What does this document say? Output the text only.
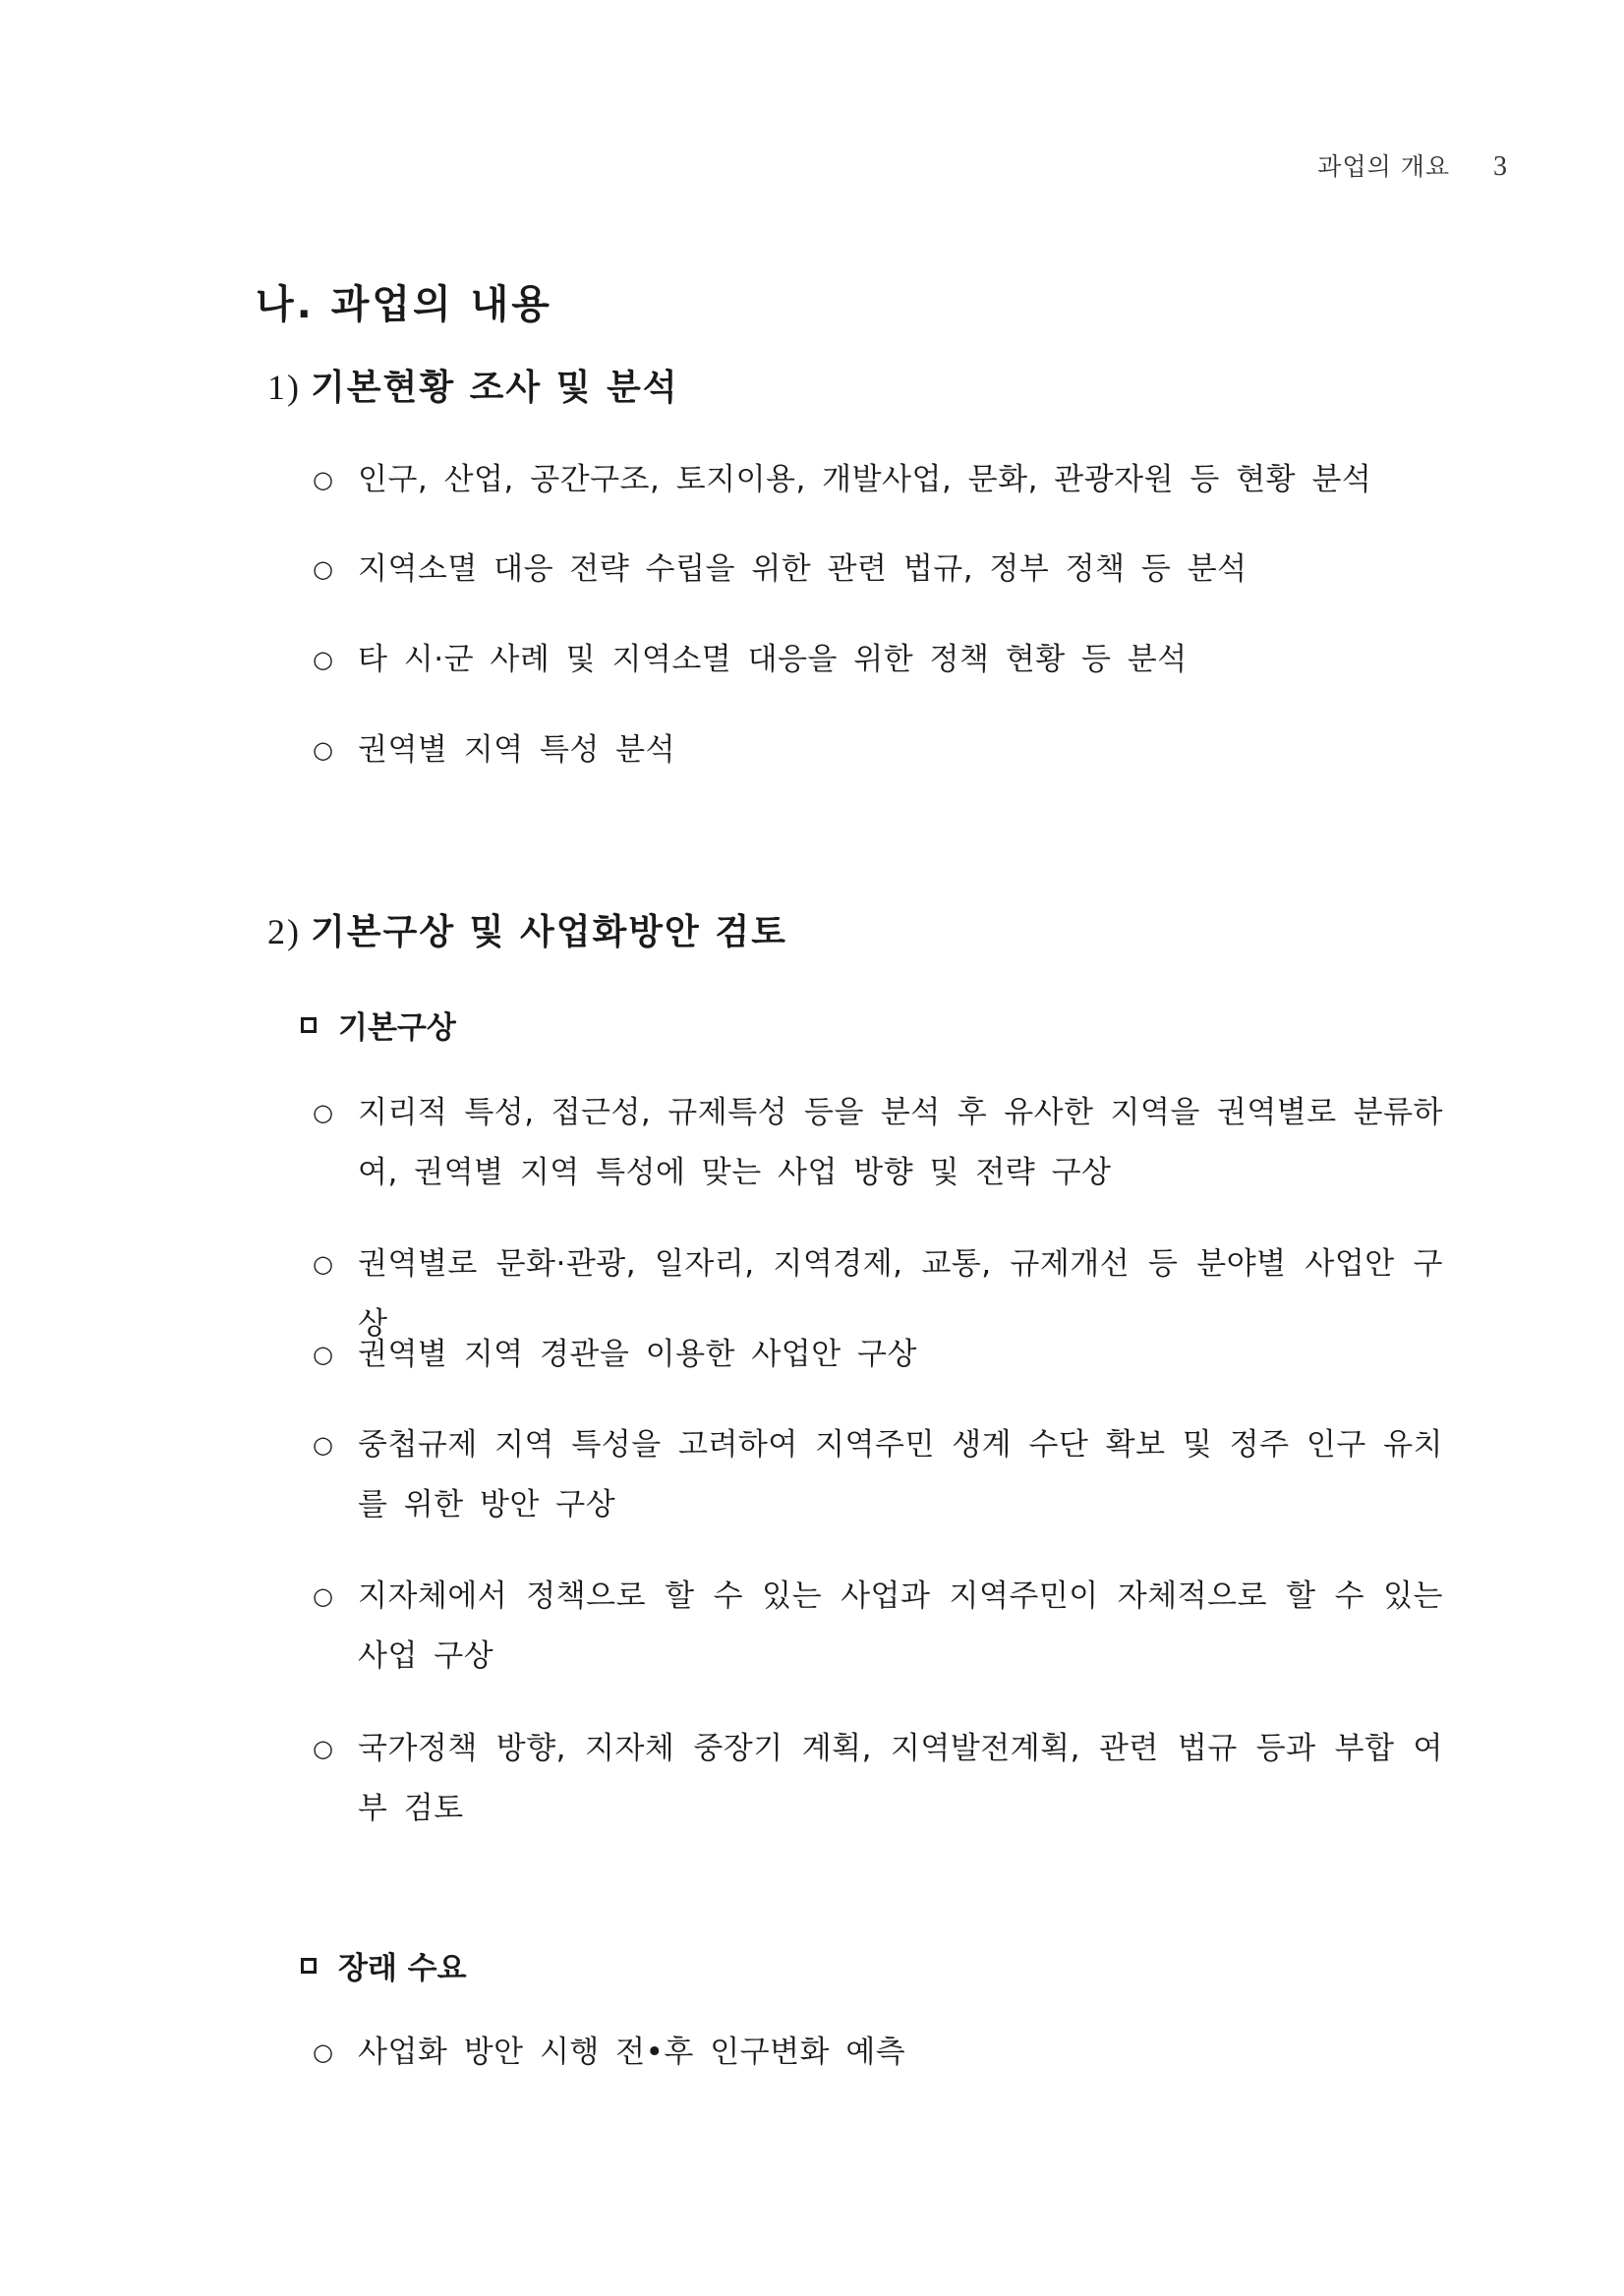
과업의 개요 3
나. 과업의 내용
1) 기본현황 조사 및 분석
○ 인구, 산업, 공간구조, 토지이용, 개발사업, 문화, 관광자원 등 현황 분석
○ 지역소멸 대응 전략 수립을 위한 관련 법규, 정부 정책 등 분석
○ 타 시·군 사례 및 지역소멸 대응을 위한 정책 현황 등 분석
○ 권역별 지역 특성 분석
2) 기본구상 및 사업화방안 검토
기본구상
○ 지리적 특성, 접근성, 규제특성 등을 분석 후 유사한 지역을 권역별로 분류하여, 권역별 지역 특성에 맞는 사업 방향 및 전략 구상
○ 권역별로 문화·관광, 일자리, 지역경제, 교통, 규제개선 등 분야별 사업안 구상
○ 권역별 지역 경관을 이용한 사업안 구상
○ 중첩규제 지역 특성을 고려하여 지역주민 생계 수단 확보 및 정주 인구 유치를 위한 방안 구상
○ 지자체에서 정책으로 할 수 있는 사업과 지역주민이 자체적으로 할 수 있는 사업 구상
○ 국가정책 방향, 지자체 중장기 계획, 지역발전계획, 관련 법규 등과 부합 여부 검토
장래 수요
○ 사업화 방안 시행 전•후 인구변화 예측
